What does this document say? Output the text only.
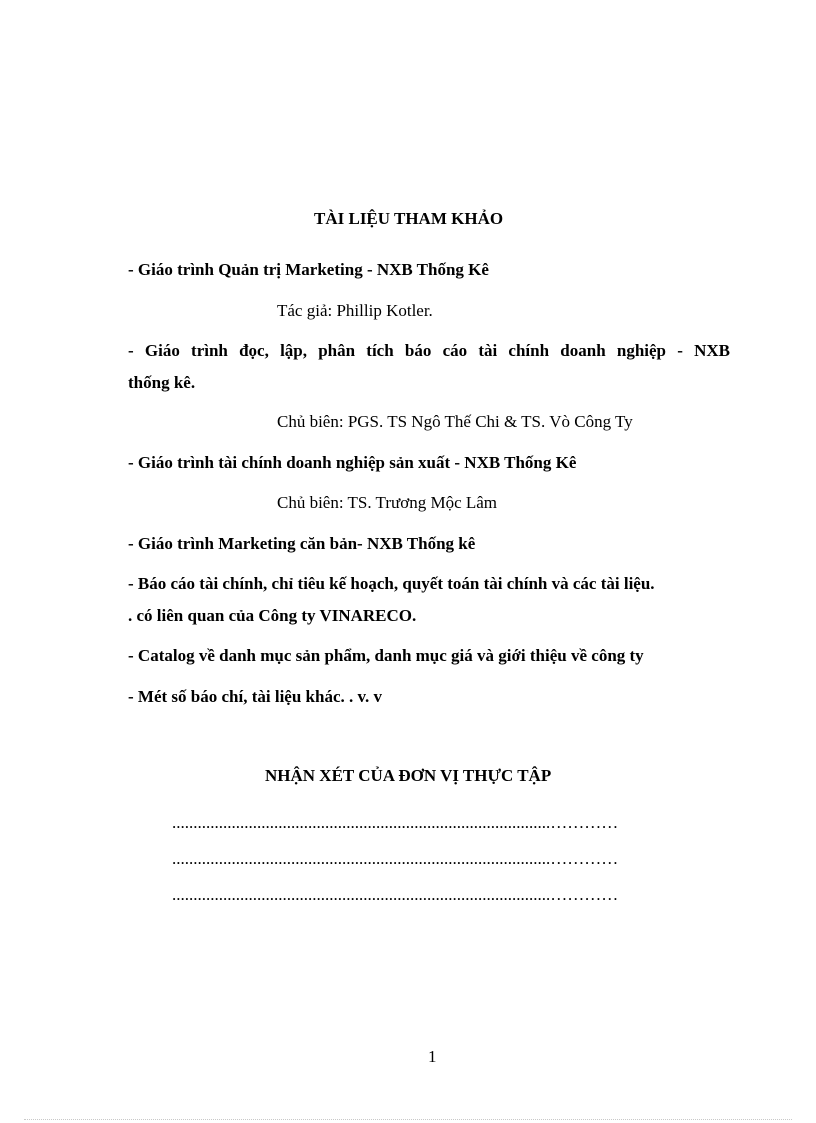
TÀI LIỆU THAM KHẢO
- Giáo trình Quản trị Marketing - NXB Thống Kê
Tác giả: Phillip Kotler.
- Giáo trình đọc, lập, phân tích báo cáo tài chính doanh nghiệp - NXB
thống kê.
Chủ biên: PGS. TS Ngô Thế Chi & TS. Vò Công Ty
- Giáo trình tài chính doanh nghiệp sản xuất - NXB Thống Kê
Chủ biên: TS. Trương Mộc Lâm
- Giáo trình Marketing căn bản- NXB Thống kê
- Báo cáo tài chính, chỉ tiêu kế hoạch, quyết toán tài chính và các tài liệu.
. có liên quan của Công ty VINARECO.
- Catalog về danh mục sản phẩm, danh mục giá và giới thiệu về công ty
- Mét số báo chí, tài liệu khác. . v. v
NHẬN XÉT CỦA ĐƠN VỊ THỰC TẬP
.........................................................................................…………
.........................................................................................…………
.........................................................................................…………
1
